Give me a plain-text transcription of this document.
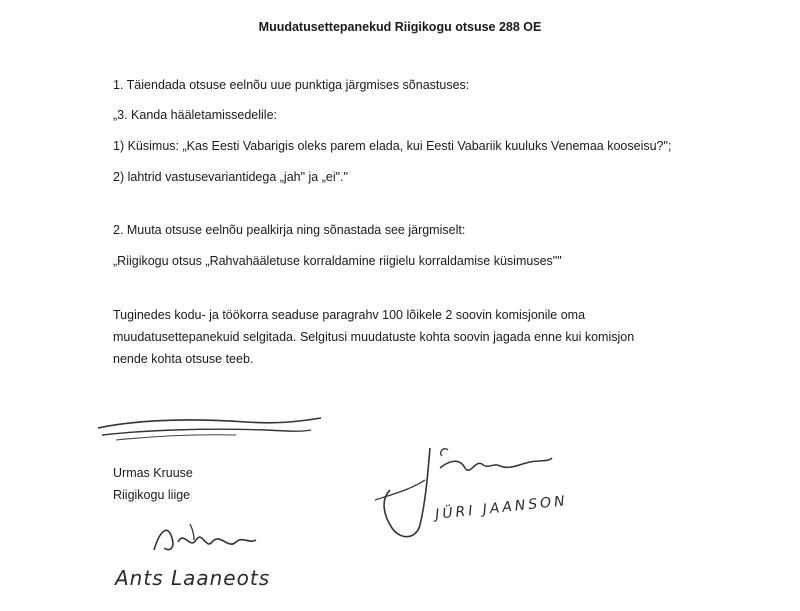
Muudatusettepanekud Riigikogu otsuse 288 OE
1. Täiendada otsuse eelnõu uue punktiga järgmises sõnastuses:
„3. Kanda hääletamissedelile:
1) Küsimus: „Kas Eesti Vabarigis oleks parem elada, kui Eesti Vabariik kuuluks Venemaa kooseisu?";
2) lahtrid vastusevariantidega „jah" ja „ei"."
2. Muuta otsuse eelnõu pealkirja ning sõnastada see järgmiselt:
„Riigikogu otsus „Rahvahääletuse korraldamine riigielu korraldamise küsimuses""
Tuginedes kodu- ja töökorra seaduse paragrahv 100 lõikele 2 soovin komisjonile oma
muudatusettepanekuid selgitada. Selgitusi muudatuste kohta soovin jagada enne kui komisjon
nende kohta otsuse teeb.
Urmas Kruuse
Riigikogu liige	JÜRI JAANSON
Ants Laaneots
